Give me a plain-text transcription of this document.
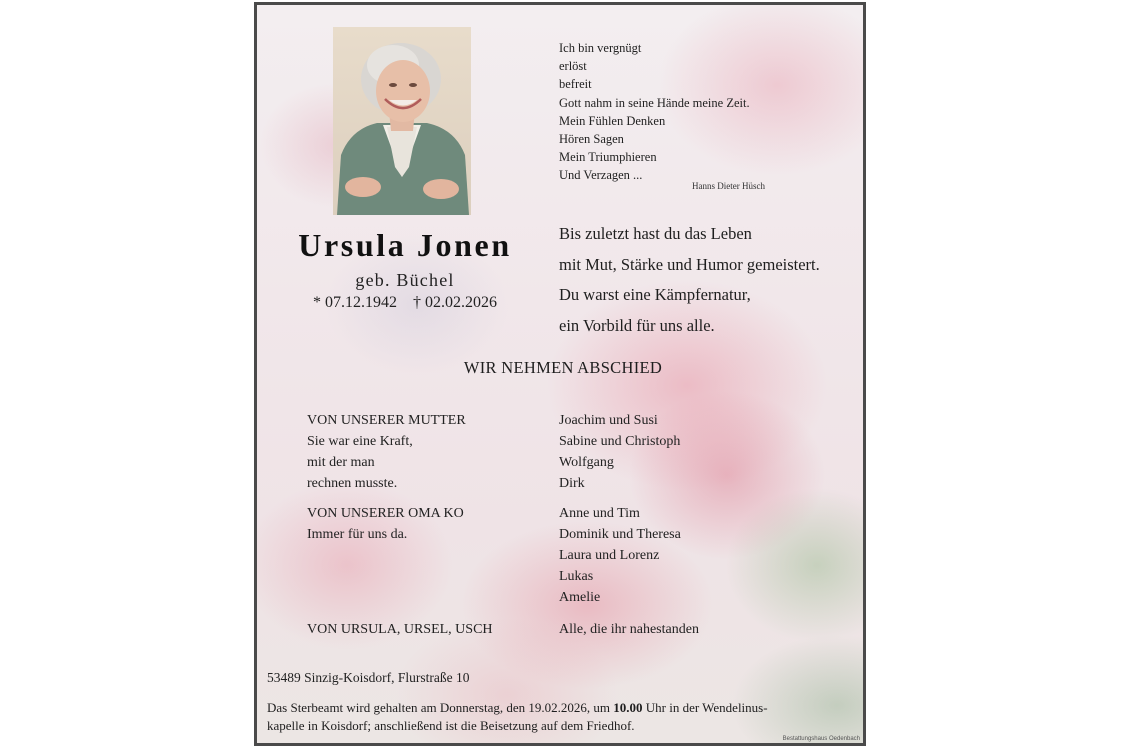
Ich bin vergnügt
erlöst
befreit
Gott nahm in seine Hände meine Zeit.
Mein Fühlen Denken
Hören Sagen
Mein Triumphieren
Und Verzagen ...
Hanns Dieter Hüsch
Ursula Jonen
geb. Büchel
* 07.12.1942 † 02.02.2026
Bis zuletzt hast du das Leben
mit Mut, Stärke und Humor gemeistert.
Du warst eine Kämpfernatur,
ein Vorbild für uns alle.
WIR NEHMEN ABSCHIED
VON UNSERER MUTTER
Sie war eine Kraft,
mit der man
rechnen musste.
Joachim und Susi
Sabine und Christoph
Wolfgang
Dirk
VON UNSERER OMA KO
Immer für uns da.
Anne und Tim
Dominik und Theresa
Laura und Lorenz
Lukas
Amelie
VON URSULA, URSEL, USCH	Alle, die ihr nahestanden
53489 Sinzig-Koisdorf, Flurstraße 10
Das Sterbeamt wird gehalten am Donnerstag, den 19.02.2026, um 10.00 Uhr in der Wendelinus-
kapelle in Koisdorf; anschließend ist die Beisetzung auf dem Friedhof.
Bestattungshaus Oedenbach
